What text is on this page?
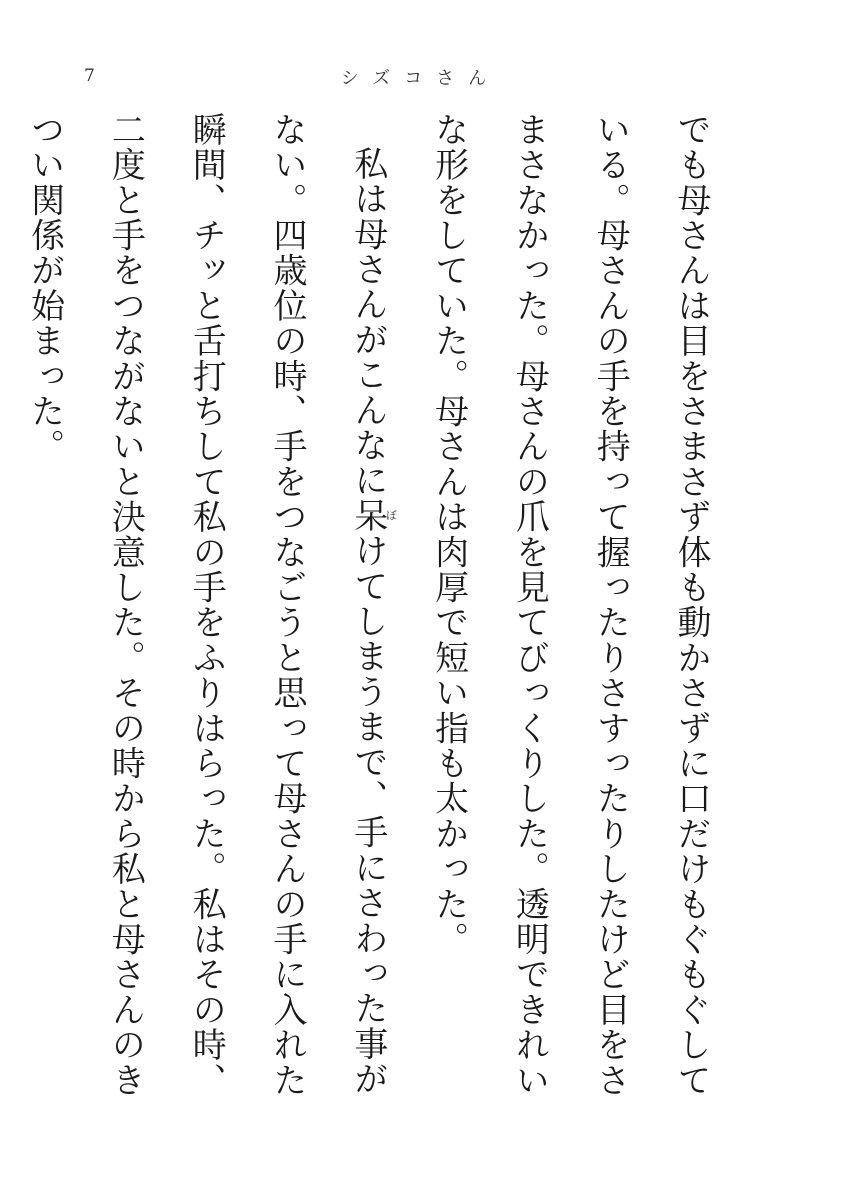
7	シズコさん

でも母さんは目をさまさず体も動かさずに口だけもぐもぐしている。母さんの手を持って握ったりさすったりしたけど目をさまさなかった。母さんの爪を見てびっくりした。透明できれいな形をしていた。母さんは肉厚で短い指も太かった。

私は母さんがこんなに呆ぼけてしまうまで、手にさわった事がない。四歳位の時、手をつなごうと思って母さんの手に入れた瞬間、チッと舌打ちして私の手をふりはらった。私はその時、二度と手をつながないと決意した。その時から私と母さんのきつい関係が始まった。
